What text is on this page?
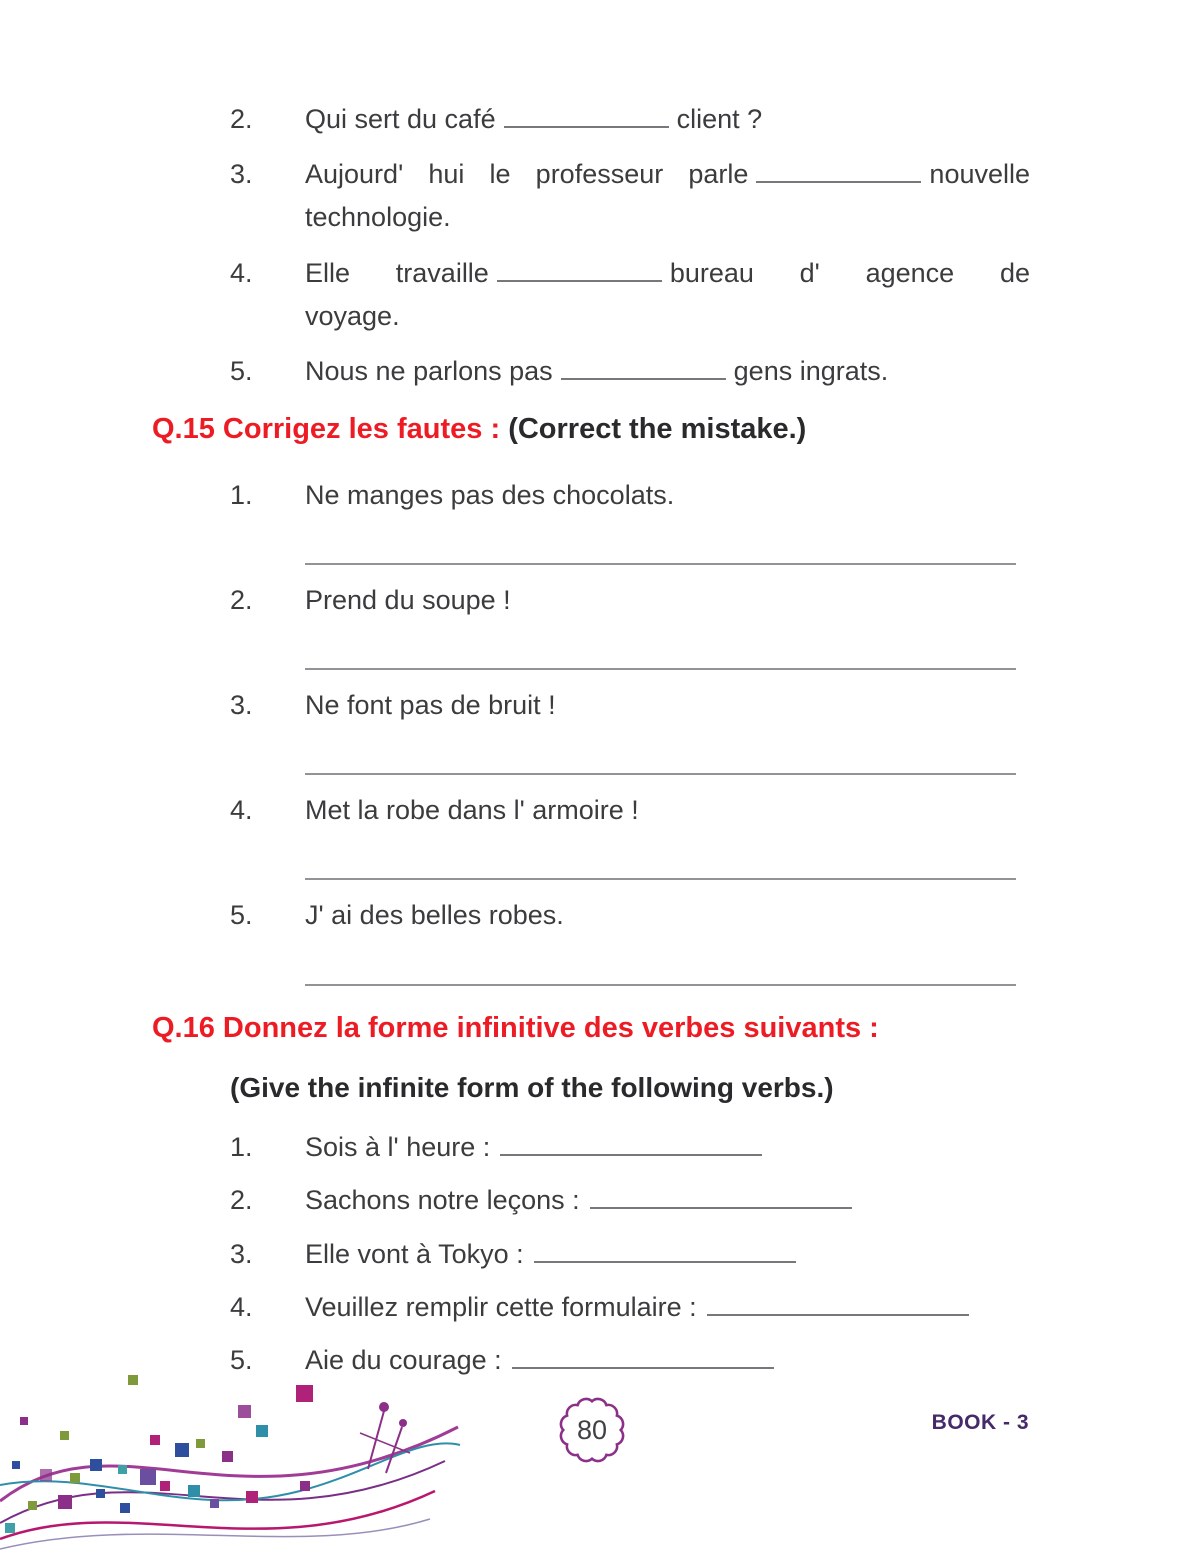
2.	Qui sert du café	client ?
3.	Aujourd' hui le professeur parle	nouvelle
technologie.
4.	Elle travaille	bureau d' agence de
voyage.
5.	Nous ne parlons pas	gens ingrats.
Q.15 Corrigez les fautes : (Correct the mistake.)
1.	Ne manges pas des chocolats.
2.	Prend du soupe !
3.	Ne font pas de bruit !
4.	Met la robe dans l' armoire !
5.	J' ai des belles robes.
Q.16 Donnez la forme infinitive des verbes suivants :
(Give the infinite form of the following verbs.)
1.	Sois à l' heure :
2.	Sachons notre leçons :
3.	Elle vont à Tokyo :
4.	Veuillez remplir cette formulaire :
5.	Aie du courage :
80	BOOK - 3
